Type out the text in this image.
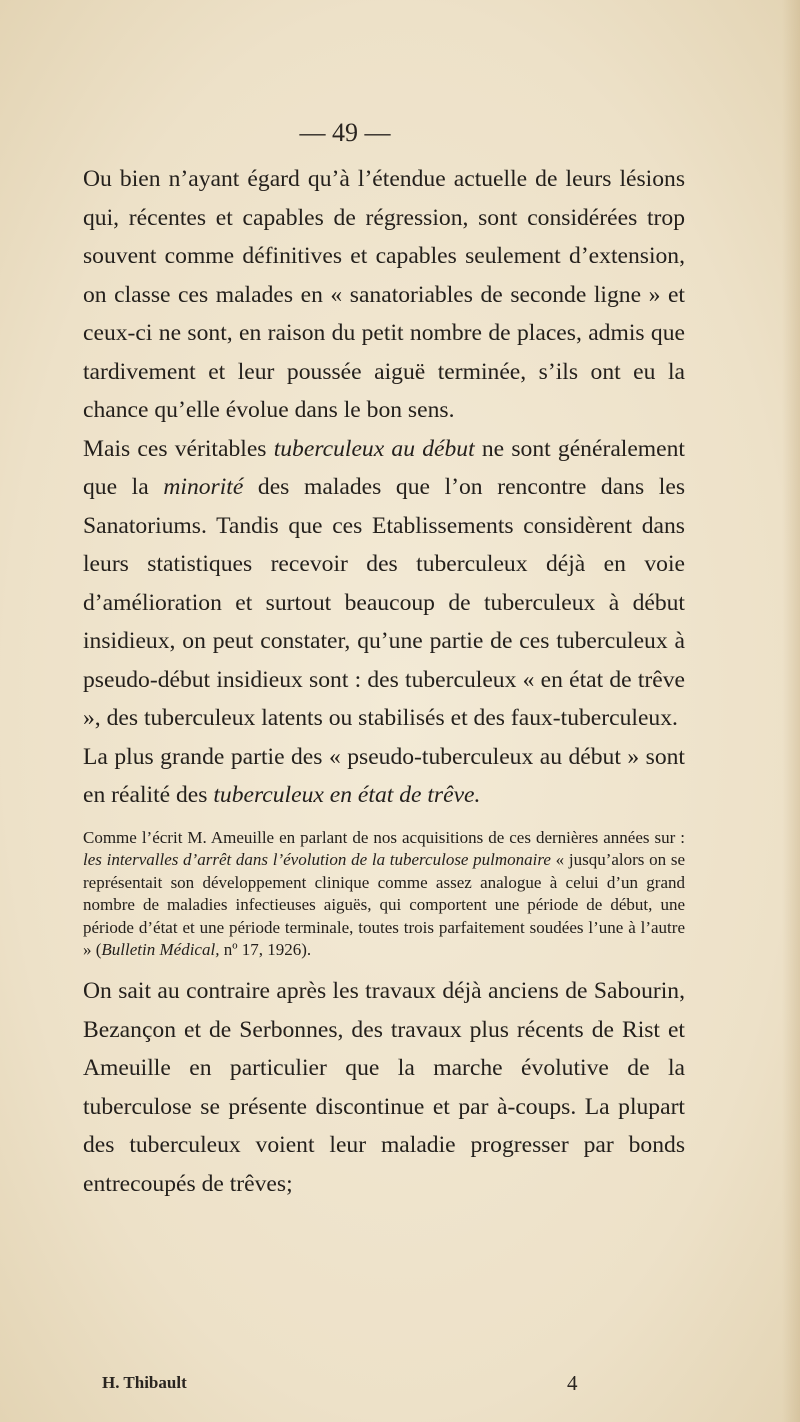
— 49 —

Ou bien n’ayant égard qu’à l’étendue actuelle de leurs lésions qui, récentes et capables de régression, sont considérées trop souvent comme définitives et capables seulement d’extension, on classe ces malades en « sanatoriables de seconde ligne » et ceux-ci ne sont, en raison du petit nombre de places, admis que tardivement et leur poussée aiguë terminée, s’ils ont eu la chance qu’elle évolue dans le bon sens.

Mais ces véritables tuberculeux au début ne sont généralement que la minorité des malades que l’on rencontre dans les Sanatoriums. Tandis que ces Etablissements considèrent dans leurs statistiques recevoir des tuberculeux déjà en voie d’amélioration et surtout beaucoup de tuberculeux à début insidieux, on peut constater, qu’une partie de ces tuberculeux à pseudo-début insidieux sont : des tuberculeux « en état de trêve », des tuberculeux latents ou stabilisés et des faux-tuberculeux.

La plus grande partie des « pseudo-tuberculeux au début » sont en réalité des tuberculeux en état de trêve.

Comme l’écrit M. Ameuille en parlant de nos acquisitions de ces dernières années sur : les intervalles d’arrêt dans l’évolution de la tuberculose pulmonaire « jusqu’alors on se représentait son développement clinique comme assez analogue à celui d’un grand nombre de maladies infectieuses aiguës, qui comportent une période de début, une période d’état et une période terminale, toutes trois parfaitement soudées l’une à l’autre » (Bulletin Médical, nº 17, 1926).

On sait au contraire après les travaux déjà anciens de Sabourin, Bezançon et de Serbonnes, des travaux plus récents de Rist et Ameuille en particulier que la marche évolutive de la tuberculose se présente discontinue et par à-coups. La plupart des tuberculeux voient leur maladie progresser par bonds entrecoupés de trêves;

H. Thibault	4
